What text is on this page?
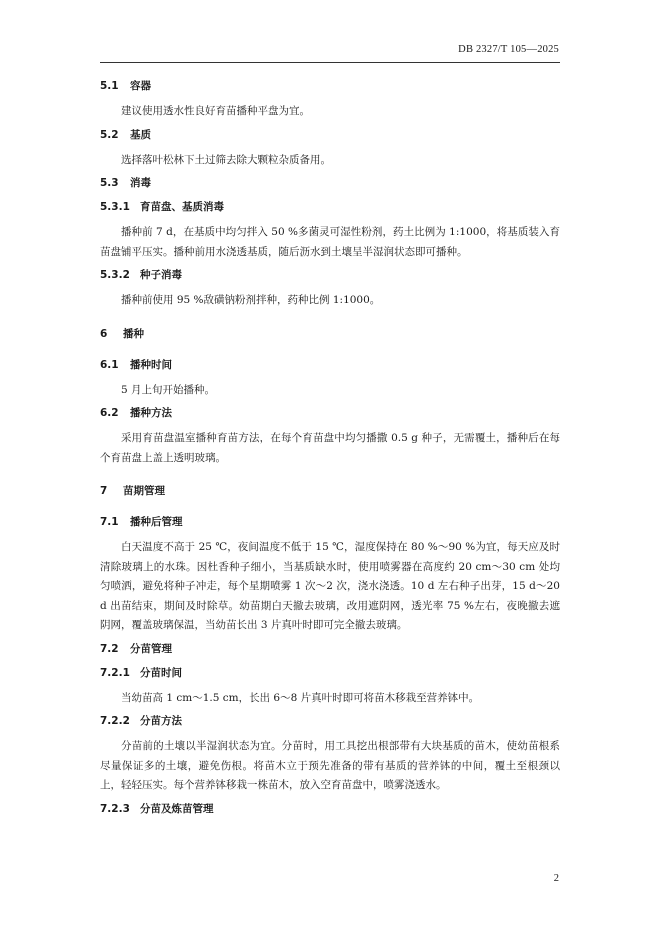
DB 2327/T 105—2025
5.1 容器
建议使用透水性良好育苗播种平盘为宜。
5.2 基质
选择落叶松林下土过筛去除大颗粒杂质备用。
5.3 消毒
5.3.1 育苗盘、基质消毒
播种前 7 d，在基质中均匀拌入 50 %多菌灵可湿性粉剂，药土比例为 1:1000，将基质装入育苗盘铺平压实。播种前用水浇透基质，随后沥水到土壤呈半湿润状态即可播种。
5.3.2 种子消毒
播种前使用 95 %敌磺钠粉剂拌种，药种比例 1:1000。
6 播种
6.1 播种时间
5 月上旬开始播种。
6.2 播种方法
采用育苗盘温室播种育苗方法，在每个育苗盘中均匀播撒 0.5 g 种子，无需覆土，播种后在每个育苗盘上盖上透明玻璃。
7 苗期管理
7.1 播种后管理
白天温度不高于 25 ℃，夜间温度不低于 15 ℃，湿度保持在 80 %～90 %为宜，每天应及时清除玻璃上的水珠。因杜香种子细小，当基质缺水时，使用喷雾器在高度约 20 cm～30 cm 处均匀喷洒，避免将种子冲走，每个星期喷雾 1 次～2 次，浇水浇透。10 d 左右种子出芽，15 d～20 d 出苗结束，期间及时除草。幼苗期白天撤去玻璃，改用遮阴网，透光率 75 %左右，夜晚撤去遮阴网，覆盖玻璃保温，当幼苗长出 3 片真叶时即可完全撤去玻璃。
7.2 分苗管理
7.2.1 分苗时间
当幼苗高 1 cm～1.5 cm，长出 6～8 片真叶时即可将苗木移栽至营养钵中。
7.2.2 分苗方法
分苗前的土壤以半湿润状态为宜。分苗时，用工具挖出根部带有大块基质的苗木，使幼苗根系尽量保证多的土壤，避免伤根。将苗木立于预先准备的带有基质的营养钵的中间，覆土至根颈以上，轻轻压实。每个营养钵移栽一株苗木，放入空育苗盘中，喷雾浇透水。
7.2.3 分苗及炼苗管理
2
